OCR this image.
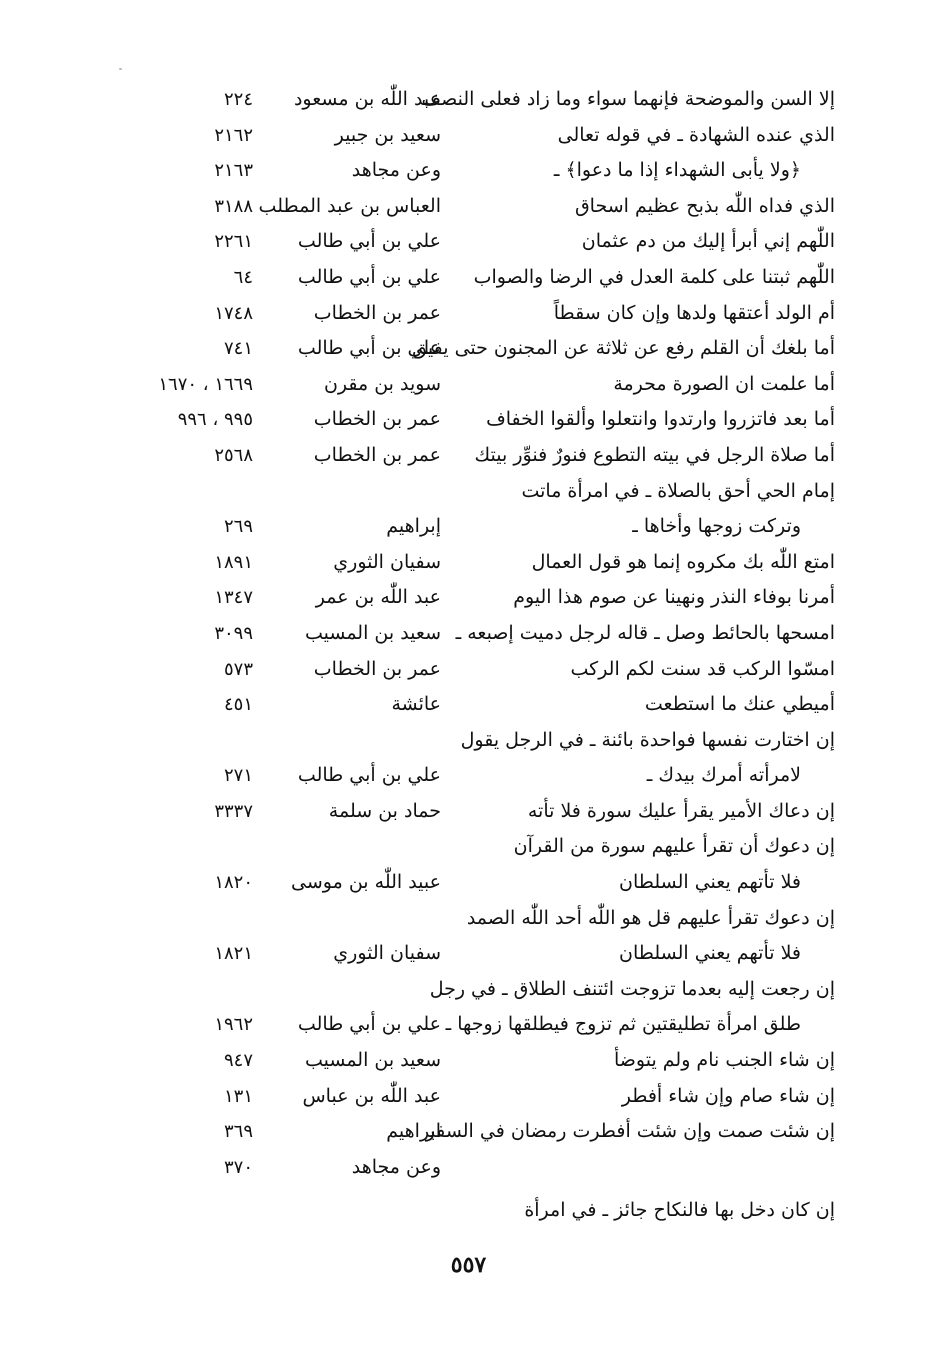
إلا السن والموضحة فإنهما سواء وما زاد فعلى النصف
عبد اللّٰه بن مسعود
٢٢٤
الذي عنده الشهادة ـ في قوله تعالى
سعيد بن جبير
٢١٦٢
﴿ولا يأبى الشهداء إذا ما دعوا﴾ ـ
وعن مجاهد
٢١٦٣
الذي فداه اللّٰه بذبح عظيم اسحاق
العباس بن عبد المطلب
٣١٨٨
اللّٰهم إني أبرأ إليك من دم عثمان
علي بن أبي طالب
٢٢٦١
اللّٰهم ثبتنا على كلمة العدل في الرضا والصواب
علي بن أبي طالب
٦٤
أم الولد أعتقها ولدها وإن كان سقطاً
عمر بن الخطاب
١٧٤٨
أما بلغك أن القلم رفع عن ثلاثة عن المجنون حتى يفيق
علي بن أبي طالب
٧٤١
أما علمت ان الصورة محرمة
سويد بن مقرن
١٦٦٩ ، ١٦٧٠
أما بعد فاتزروا وارتدوا وانتعلوا وألقوا الخفاف
عمر بن الخطاب
٩٩٥ ، ٩٩٦
أما صلاة الرجل في بيته التطوع فنورٌ فنوِّر بيتك
عمر بن الخطاب
٢٥٦٨
إمام الحي أحق بالصلاة ـ في امرأة ماتت
وتركت زوجها وأخاها ـ
إبراهيم
٢٦٩
امتع اللّٰه بك مكروه إنما هو قول العمال
سفيان الثوري
١٨٩١
أمرنا بوفاء النذر ونهينا عن صوم هذا اليوم
عبد اللّٰه بن عمر
١٣٤٧
امسحها بالحائط وصل ـ قاله لرجل دميت إصبعه ـ
سعيد بن المسيب
٣٠٩٩
امسّوا الركب قد سنت لكم الركب
عمر بن الخطاب
٥٧٣
أميطي عنك ما استطعت
عائشة
٤٥١
إن اختارت نفسها فواحدة بائنة ـ في الرجل يقول
لامرأته أمرك بيدك ـ
علي بن أبي طالب
٢٧١
إن دعاك الأمير يقرأ عليك سورة فلا تأته
حماد بن سلمة
٣٣٣٧
إن دعوك أن تقرأ عليهم سورة من القرآن
فلا تأتهم يعني السلطان
عبيد اللّٰه بن موسى
١٨٢٠
إن دعوك تقرأ عليهم قل هو اللّٰه أحد اللّٰه الصمد
فلا تأتهم يعني السلطان
سفيان الثوري
١٨٢١
إن رجعت إليه بعدما تزوجت ائتنف الطلاق ـ في رجل
طلق امرأة تطليقتين ثم تزوج فيطلقها زوجها ـ
علي بن أبي طالب
١٩٦٢
إن شاء الجنب نام ولم يتوضأ
سعيد بن المسيب
٩٤٧
إن شاء صام وإن شاء أفطر
عبد اللّٰه بن عباس
١٣١
إن شئت صمت وإن شئت أفطرت رمضان في السفر
ابراهيم
٣٦٩
وعن مجاهد
٣٧٠
إن كان دخل بها فالنكاح جائز ـ في امرأة
٥٥٧
